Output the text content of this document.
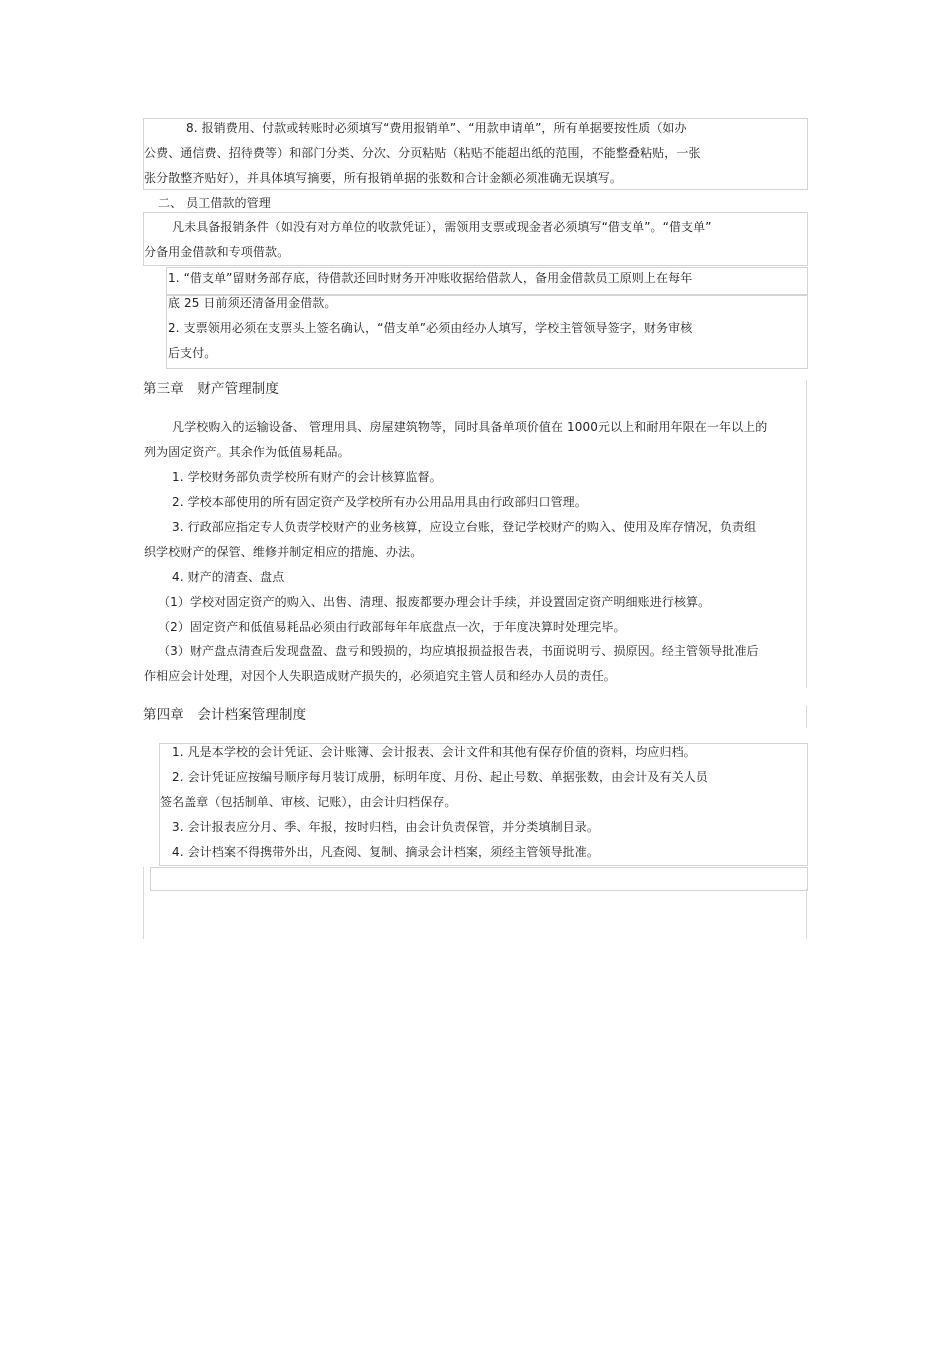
8. 报销费用、付款或转账时必须填写“费用报销单”、“用款申请单”，所有单据要按性质（如办
公费、通信费、招待费等）和部门分类、分次、分页粘贴（粘贴不能超出纸的范围，不能整叠粘贴，一张
张分散整齐贴好），并具体填写摘要，所有报销单据的张数和合计金额必须准确无误填写。
二、 员工借款的管理
凡未具备报销条件（如没有对方单位的收款凭证），需领用支票或现金者必须填写“借支单”。“借支单”
分备用金借款和专项借款。
1. “借支单”留财务部存底，待借款还回时财务开冲账收据给借款人，备用金借款员工原则上在每年
底 25 日前须还清备用金借款。
2. 支票领用必须在支票头上签名确认，“借支单”必须由经办人填写，学校主管领导签字，财务审核
后支付。
第三章　财产管理制度
凡学校购入的运输设备、 管理用具、房屋建筑物等，同时具备单项价值在 1000元以上和耐用年限在一年以上的
列为固定资产。其余作为低值易耗品。
1. 学校财务部负责学校所有财产的会计核算监督。
2. 学校本部使用的所有固定资产及学校所有办公用品用具由行政部归口管理。
3. 行政部应指定专人负责学校财产的业务核算，应设立台账，登记学校财产的购入、使用及库存情况，负责组
织学校财产的保管、维修并制定相应的措施、办法。
4. 财产的清查、盘点
（1）学校对固定资产的购入、出售、清理、报废都要办理会计手续，并设置固定资产明细账进行核算。
（2）固定资产和低值易耗品必须由行政部每年年底盘点一次，于年度决算时处理完毕。
（3）财产盘点清查后发现盘盈、盘亏和毁损的，均应填报损益报告表，书面说明亏、损原因。经主管领导批准后
作相应会计处理，对因个人失职造成财产损失的，必须追究主管人员和经办人员的责任。
第四章　会计档案管理制度
1. 凡是本学校的会计凭证、会计账簿、会计报表、会计文件和其他有保存价值的资料，均应归档。
2. 会计凭证应按编号顺序每月装订成册，标明年度、月份、起止号数、单据张数，由会计及有关人员
签名盖章（包括制单、审核、记账），由会计归档保存。
3. 会计报表应分月、季、年报，按时归档，由会计负责保管，并分类填制目录。
4. 会计档案不得携带外出，凡查阅、复制、摘录会计档案，须经主管领导批准。
